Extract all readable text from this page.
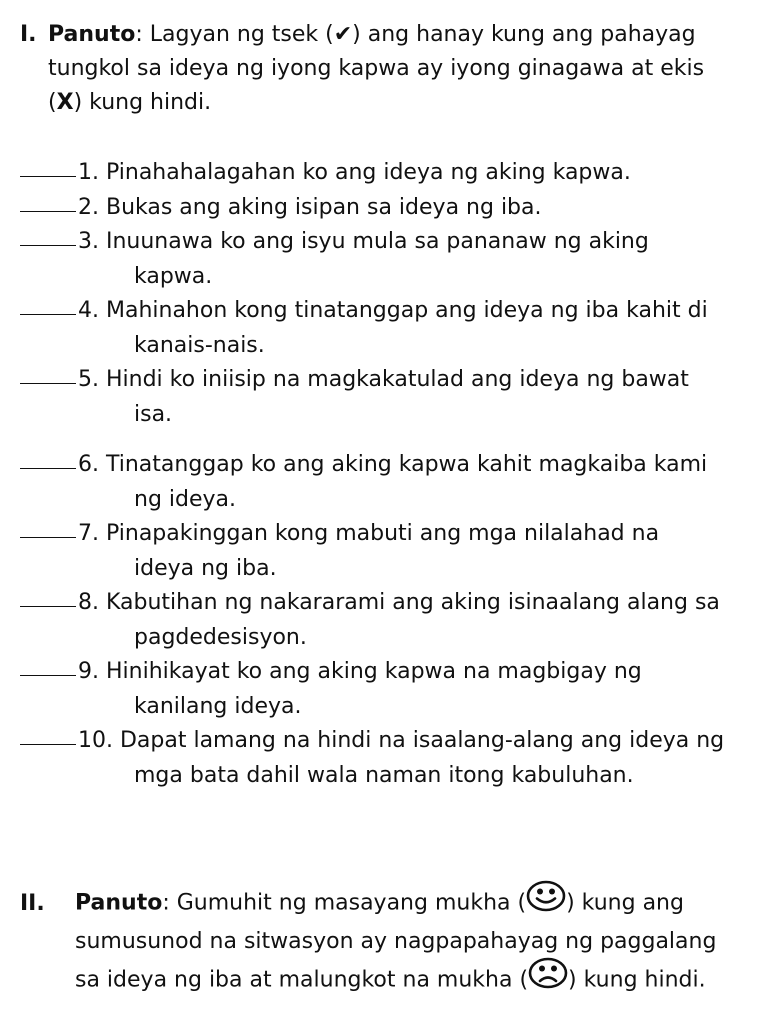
I. Panuto: Lagyan ng tsek (✔) ang hanay kung ang pahayag
tungkol sa ideya ng iyong kapwa ay iyong ginagawa at ekis
(X) kung hindi.
1. Pinahahalagahan ko ang ideya ng aking kapwa.
2. Bukas ang aking isipan sa ideya ng iba.
3. Inuunawa ko ang isyu mula sa pananaw ng aking
kapwa.
4. Mahinahon kong tinatanggap ang ideya ng iba kahit di
kanais-nais.
5. Hindi ko iniisip na magkakatulad ang ideya ng bawat
isa.
6. Tinatanggap ko ang aking kapwa kahit magkaiba kami
ng ideya.
7. Pinapakinggan kong mabuti ang mga nilalahad na
ideya ng iba.
8. Kabutihan ng nakararami ang aking isinaalang alang sa
pagdedesisyon.
9. Hinihikayat ko ang aking kapwa na magbigay ng
kanilang ideya.
10. Dapat lamang na hindi na isaalang-alang ang ideya ng
mga bata dahil wala naman itong kabuluhan.
II. Panuto: Gumuhit ng masayang mukha ( ) kung ang
sumusunod na sitwasyon ay nagpapahayag ng paggalang
sa ideya ng iba at malungkot na mukha ( ) kung hindi.
